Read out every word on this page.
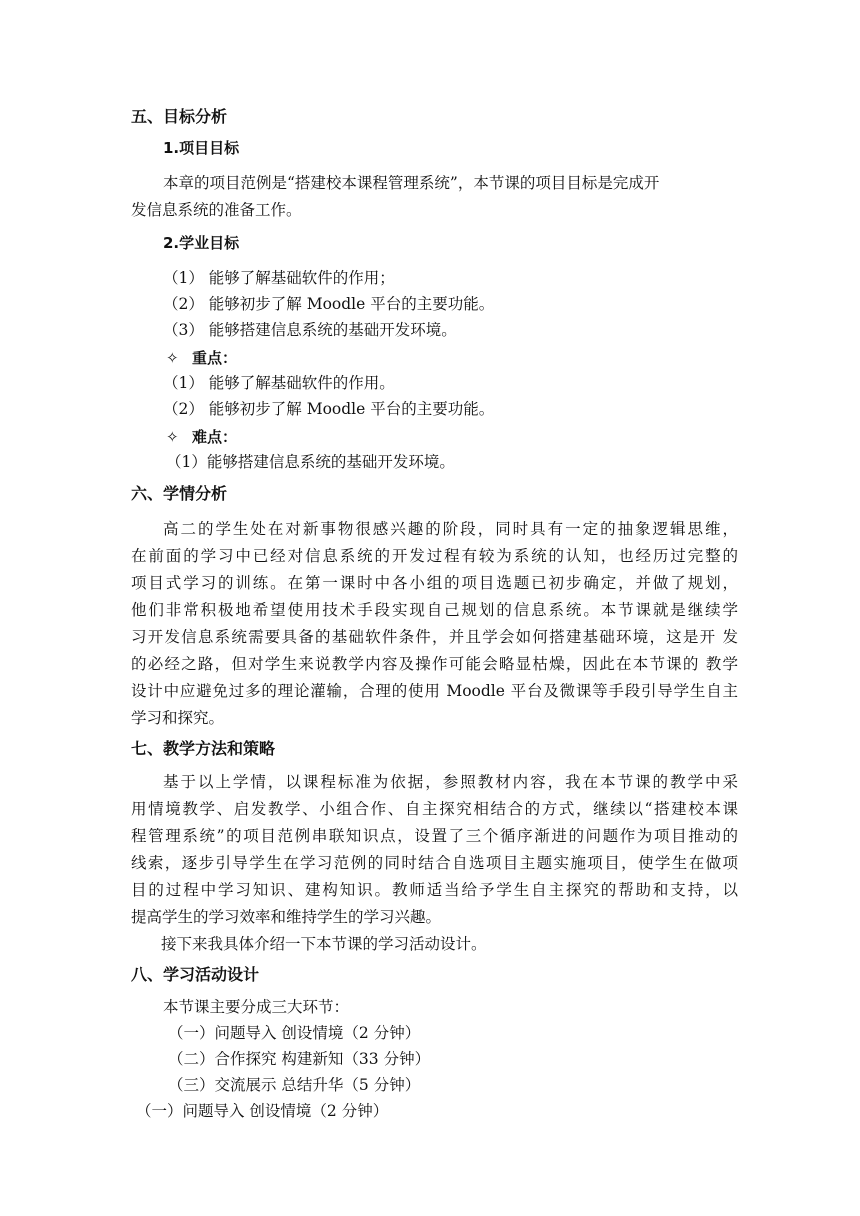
五、目标分析
1.项目目标
本章的项目范例是“搭建校本课程管理系统”，本节课的项目目标是完成开
发信息系统的准备工作。
2.学业目标
（1） 能够了解基础软件的作用；
（2） 能够初步了解 Moodle 平台的主要功能。
（3） 能够搭建信息系统的基础开发环境。
✧ 重点：
（1） 能够了解基础软件的作用。
（2） 能够初步了解 Moodle 平台的主要功能。
✧ 难点：
（1）能够搭建信息系统的基础开发环境。
六、学情分析
高二的学生处在对新事物很感兴趣的阶段，同时具有一定的抽象逻辑思维，
在前面的学习中已经对信息系统的开发过程有较为系统的认知，也经历过完整的
项目式学习的训练。在第一课时中各小组的项目选题已初步确定，并做了规划，
他们非常积极地希望使用技术手段实现自己规划的信息系统。本节课就是继续学
习开发信息系统需要具备的基础软件条件，并且学会如何搭建基础环境，这是开 发
的必经之路，但对学生来说教学内容及操作可能会略显枯燥，因此在本节课的 教学
设计中应避免过多的理论灌输，合理的使用 Moodle 平台及微课等手段引导学生自主
学习和探究。
七、教学方法和策略
基于以上学情，以课程标准为依据，参照教材内容，我在本节课的教学中采
用情境教学、启发教学、小组合作、自主探究相结合的方式，继续以“搭建校本课
程管理系统”的项目范例串联知识点，设置了三个循序渐进的问题作为项目推动的
线索，逐步引导学生在学习范例的同时结合自选项目主题实施项目，使学生在做项
目的过程中学习知识、建构知识。教师适当给予学生自主探究的帮助和支持，以
提高学生的学习效率和维持学生的学习兴趣。
接下来我具体介绍一下本节课的学习活动设计。
八、学习活动设计
本节课主要分成三大环节：
（一）问题导入 创设情境（2 分钟）
（二）合作探究 构建新知（33 分钟）
（三）交流展示 总结升华（5 分钟）
（一）问题导入 创设情境（2 分钟）
